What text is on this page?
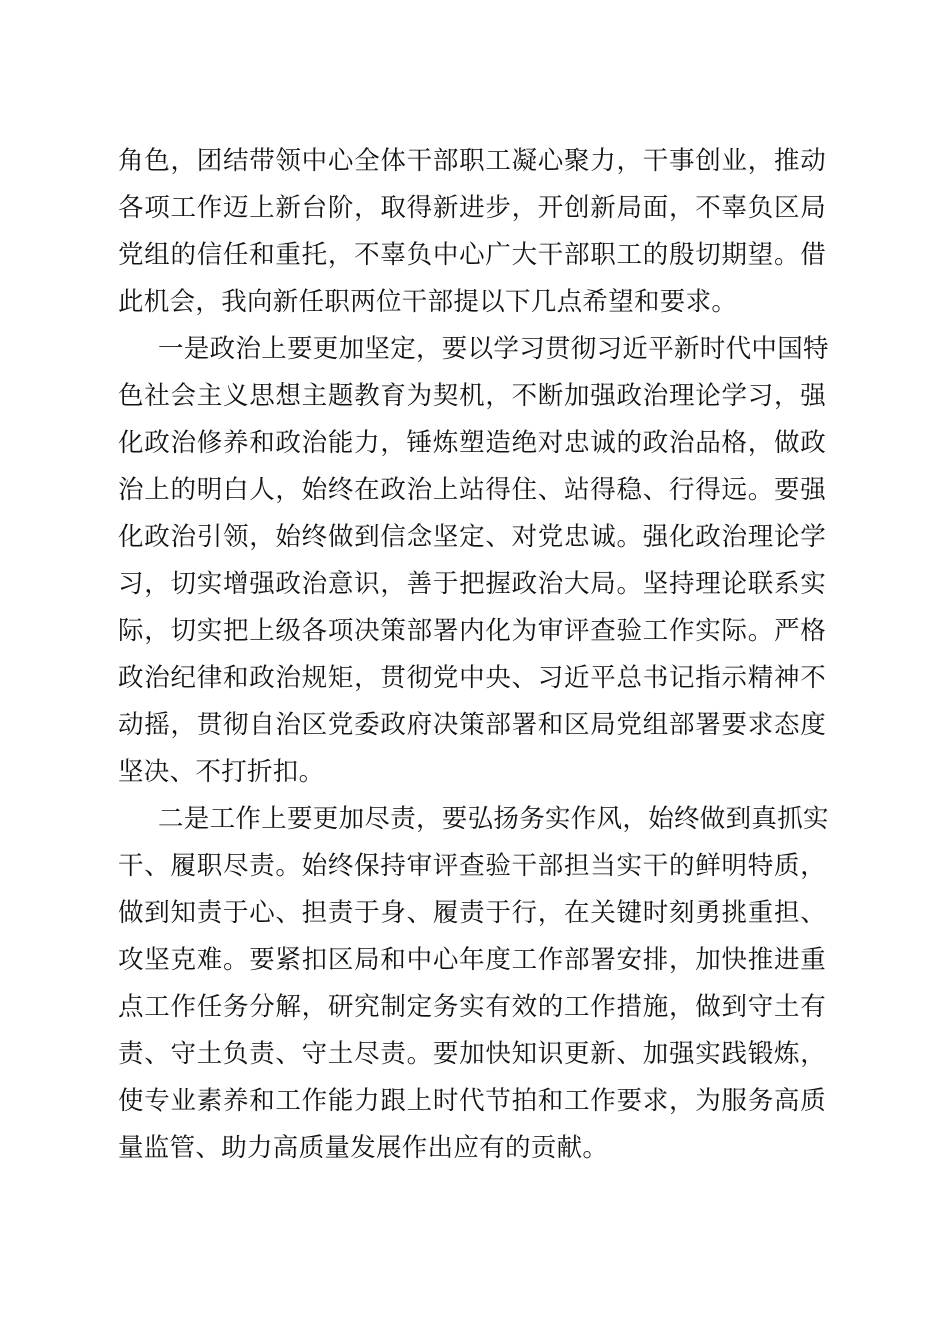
角色，团结带领中心全体干部职工凝心聚力，干事创业，推动
各项工作迈上新台阶，取得新进步，开创新局面，不辜负区局
党组的信任和重托，不辜负中心广大干部职工的殷切期望。借
此机会，我向新任职两位干部提以下几点希望和要求。
一是政治上要更加坚定，要以学习贯彻习近平新时代中国特
色社会主义思想主题教育为契机，不断加强政治理论学习，强
化政治修养和政治能力，锤炼塑造绝对忠诚的政治品格，做政
治上的明白人，始终在政治上站得住、站得稳、行得远。要强
化政治引领，始终做到信念坚定、对党忠诚。强化政治理论学
习，切实增强政治意识，善于把握政治大局。坚持理论联系实
际，切实把上级各项决策部署内化为审评查验工作实际。严格
政治纪律和政治规矩，贯彻党中央、习近平总书记指示精神不
动摇，贯彻自治区党委政府决策部署和区局党组部署要求态度
坚决、不打折扣。
二是工作上要更加尽责，要弘扬务实作风，始终做到真抓实
干、履职尽责。始终保持审评查验干部担当实干的鲜明特质，
做到知责于心、担责于身、履责于行，在关键时刻勇挑重担、
攻坚克难。要紧扣区局和中心年度工作部署安排，加快推进重
点工作任务分解，研究制定务实有效的工作措施，做到守土有
责、守土负责、守土尽责。要加快知识更新、加强实践锻炼，
使专业素养和工作能力跟上时代节拍和工作要求，为服务高质
量监管、助力高质量发展作出应有的贡献。
